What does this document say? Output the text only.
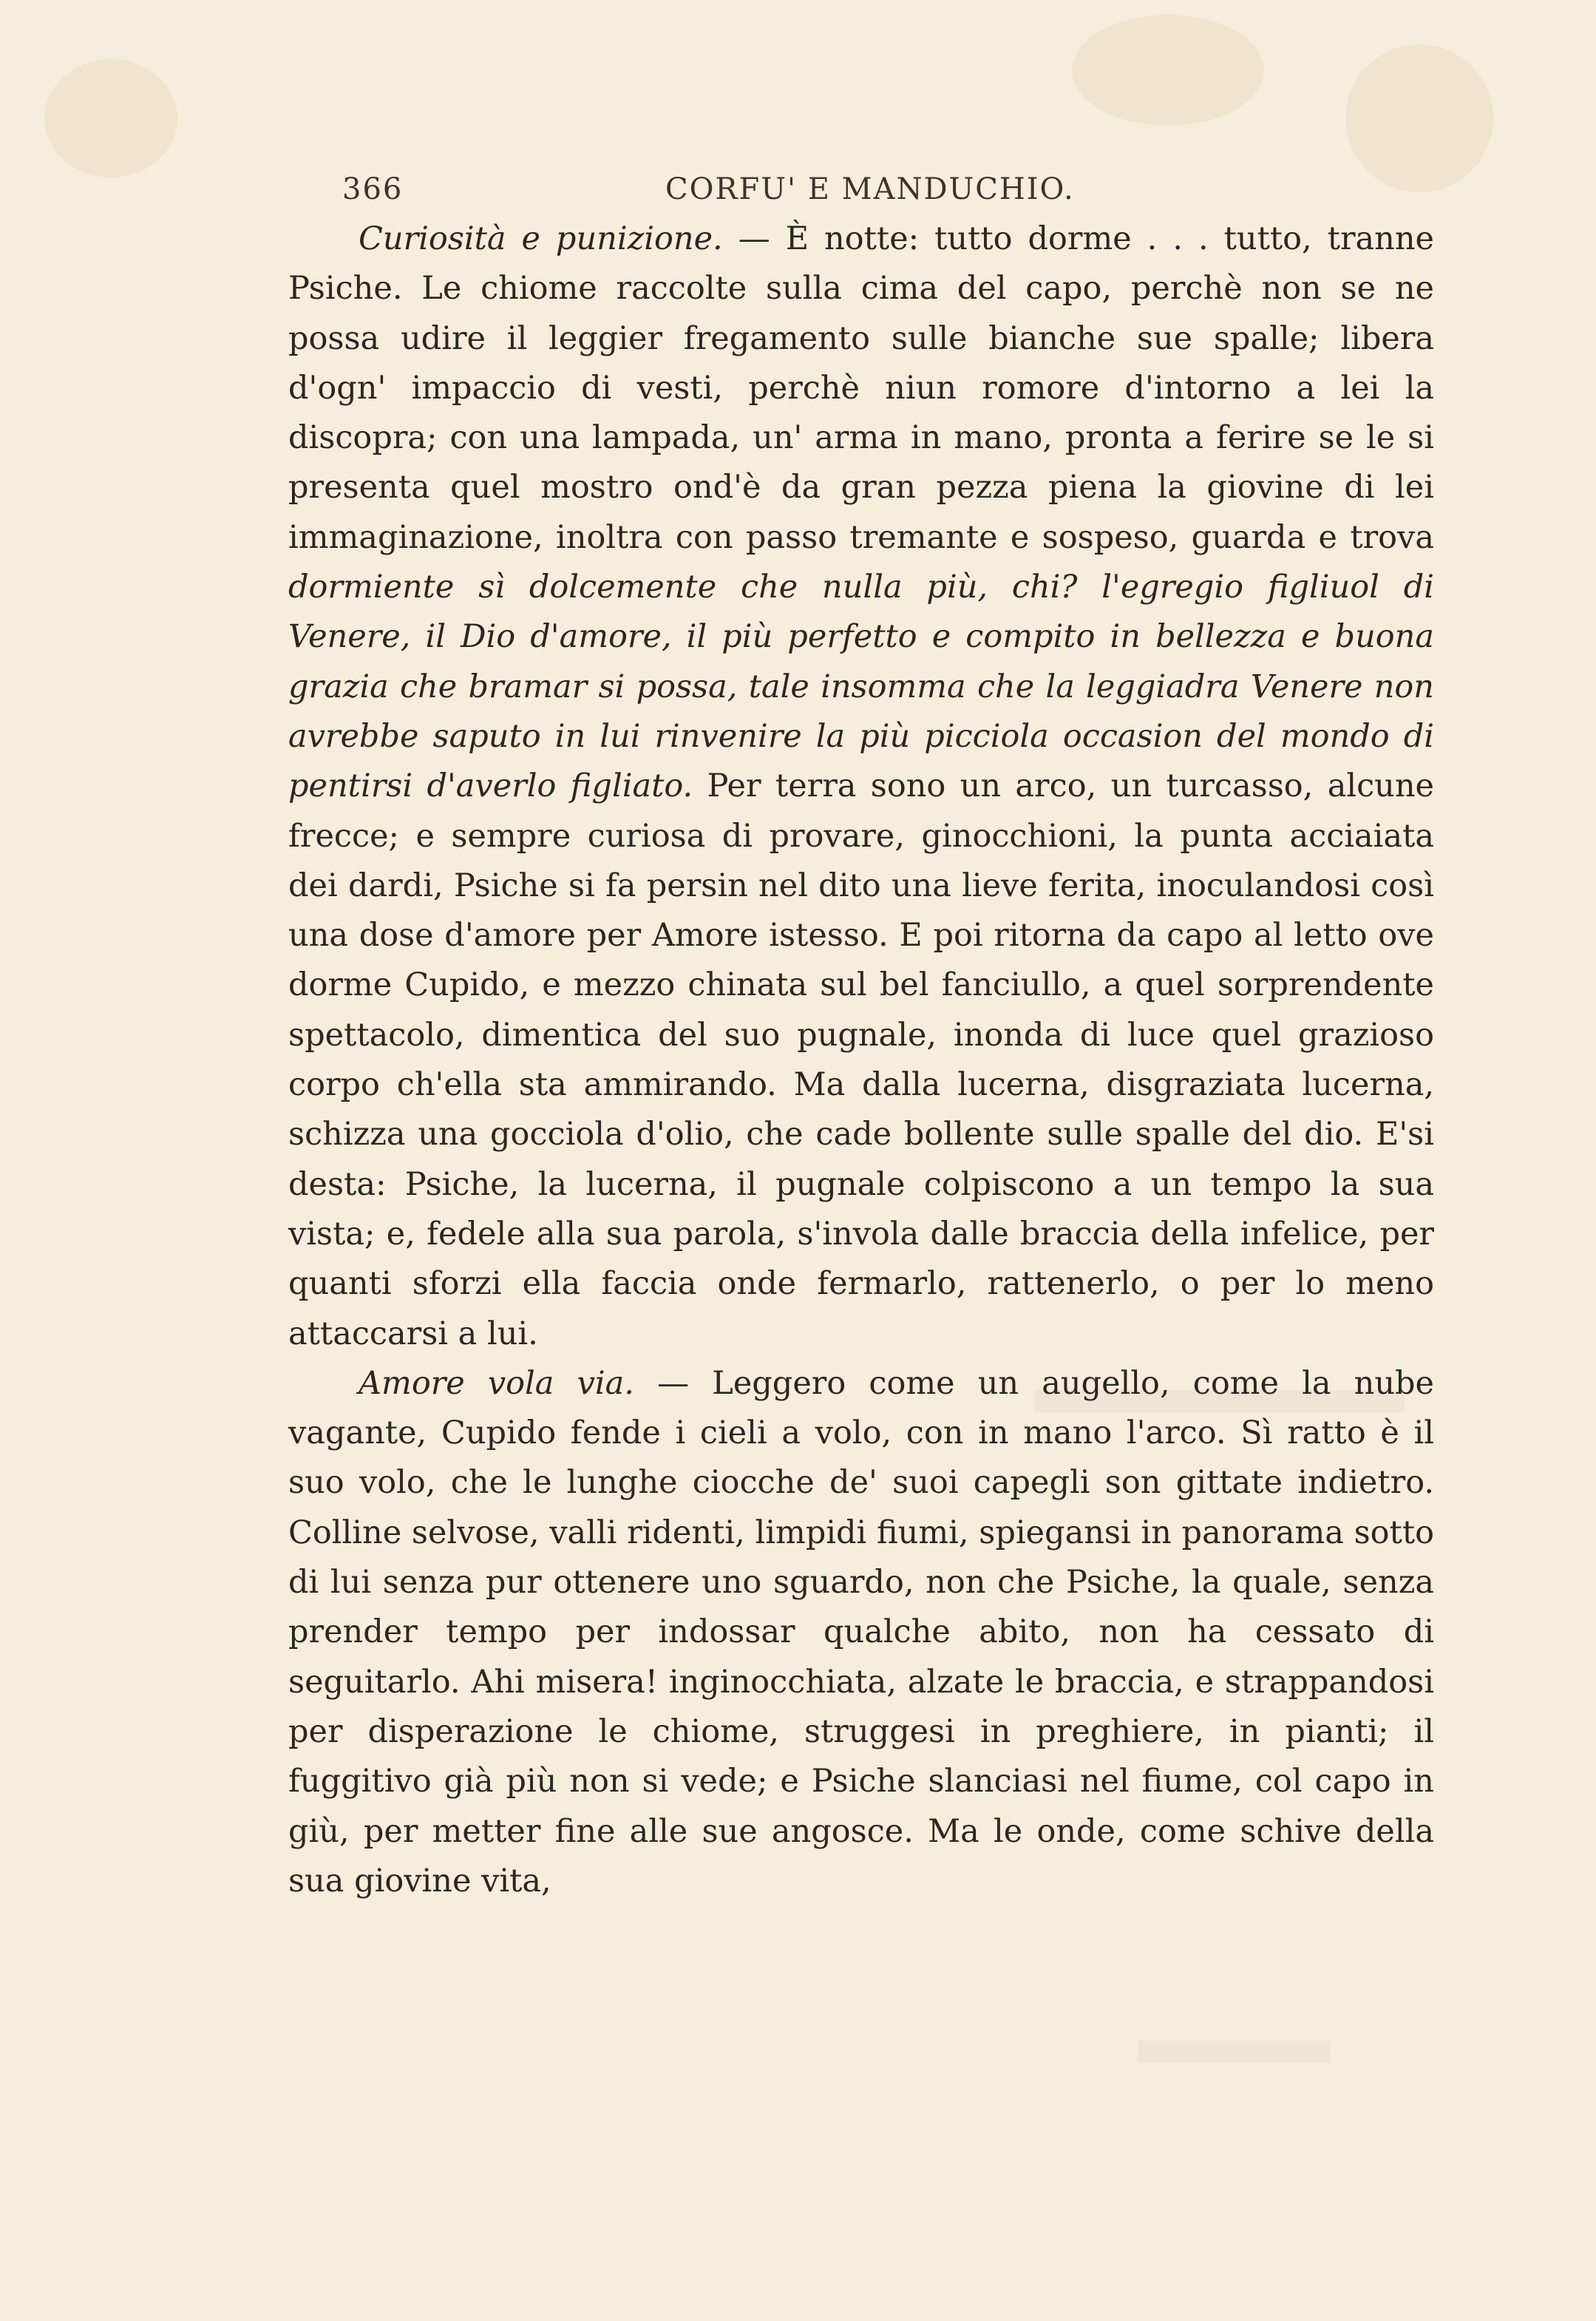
366	CORFU' E MANDUCHIO.

Curiosità e punizione. — È notte: tutto dorme . . . tutto, tranne Psiche. Le chiome raccolte sulla cima del capo, perchè non se ne possa udire il leggier fregamento sulle bianche sue spalle; libera d'ogn' impaccio di vesti, perchè niun romore d'intorno a lei la discopra; con una lampada, un' arma in mano, pronta a ferire se le si presenta quel mostro ond'è da gran pezza piena la giovine di lei immaginazione, inoltra con passo tremante e sospeso, guarda e trova dormiente sì dolcemente che nulla più, chi? l'egregio figliuol di Venere, il Dio d'amore, il più perfetto e compito in bellezza e buona grazia che bramar si possa, tale insomma che la leggiadra Venere non avrebbe saputo in lui rinvenire la più picciola occasion del mondo di pentirsi d'averlo figliato. Per terra sono un arco, un turcasso, alcune frecce; e sempre curiosa di provare, ginocchioni, la punta acciaiata dei dardi, Psiche si fa persin nel dito una lieve ferita, inoculandosi così una dose d'amore per Amore istesso. E poi ritorna da capo al letto ove dorme Cupido, e mezzo chinata sul bel fanciullo, a quel sorprendente spettacolo, dimentica del suo pugnale, inonda di luce quel grazioso corpo ch'ella sta ammirando. Ma dalla lucerna, disgraziata lucerna, schizza una gocciola d'olio, che cade bollente sulle spalle del dio. E'si desta: Psiche, la lucerna, il pugnale colpiscono a un tempo la sua vista; e, fedele alla sua parola, s'invola dalle braccia della infelice, per quanti sforzi ella faccia onde fermarlo, rattenerlo, o per lo meno attaccarsi a lui.

Amore vola via. — Leggero come un augello, come la nube vagante, Cupido fende i cieli a volo, con in mano l'arco. Sì ratto è il suo volo, che le lunghe ciocche de' suoi capegli son gittate indietro. Colline selvose, valli ridenti, limpidi fiumi, spiegansi in panorama sotto di lui senza pur ottenere uno sguardo, non che Psiche, la quale, senza prender tempo per indossar qualche abito, non ha cessato di seguitarlo. Ahi misera! inginocchiata, alzate le braccia, e strappandosi per disperazione le chiome, struggesi in preghiere, in pianti; il fuggitivo già più non si vede; e Psiche slanciasi nel fiume, col capo in giù, per metter fine alle sue angosce. Ma le onde, come schive della sua giovine vita,
